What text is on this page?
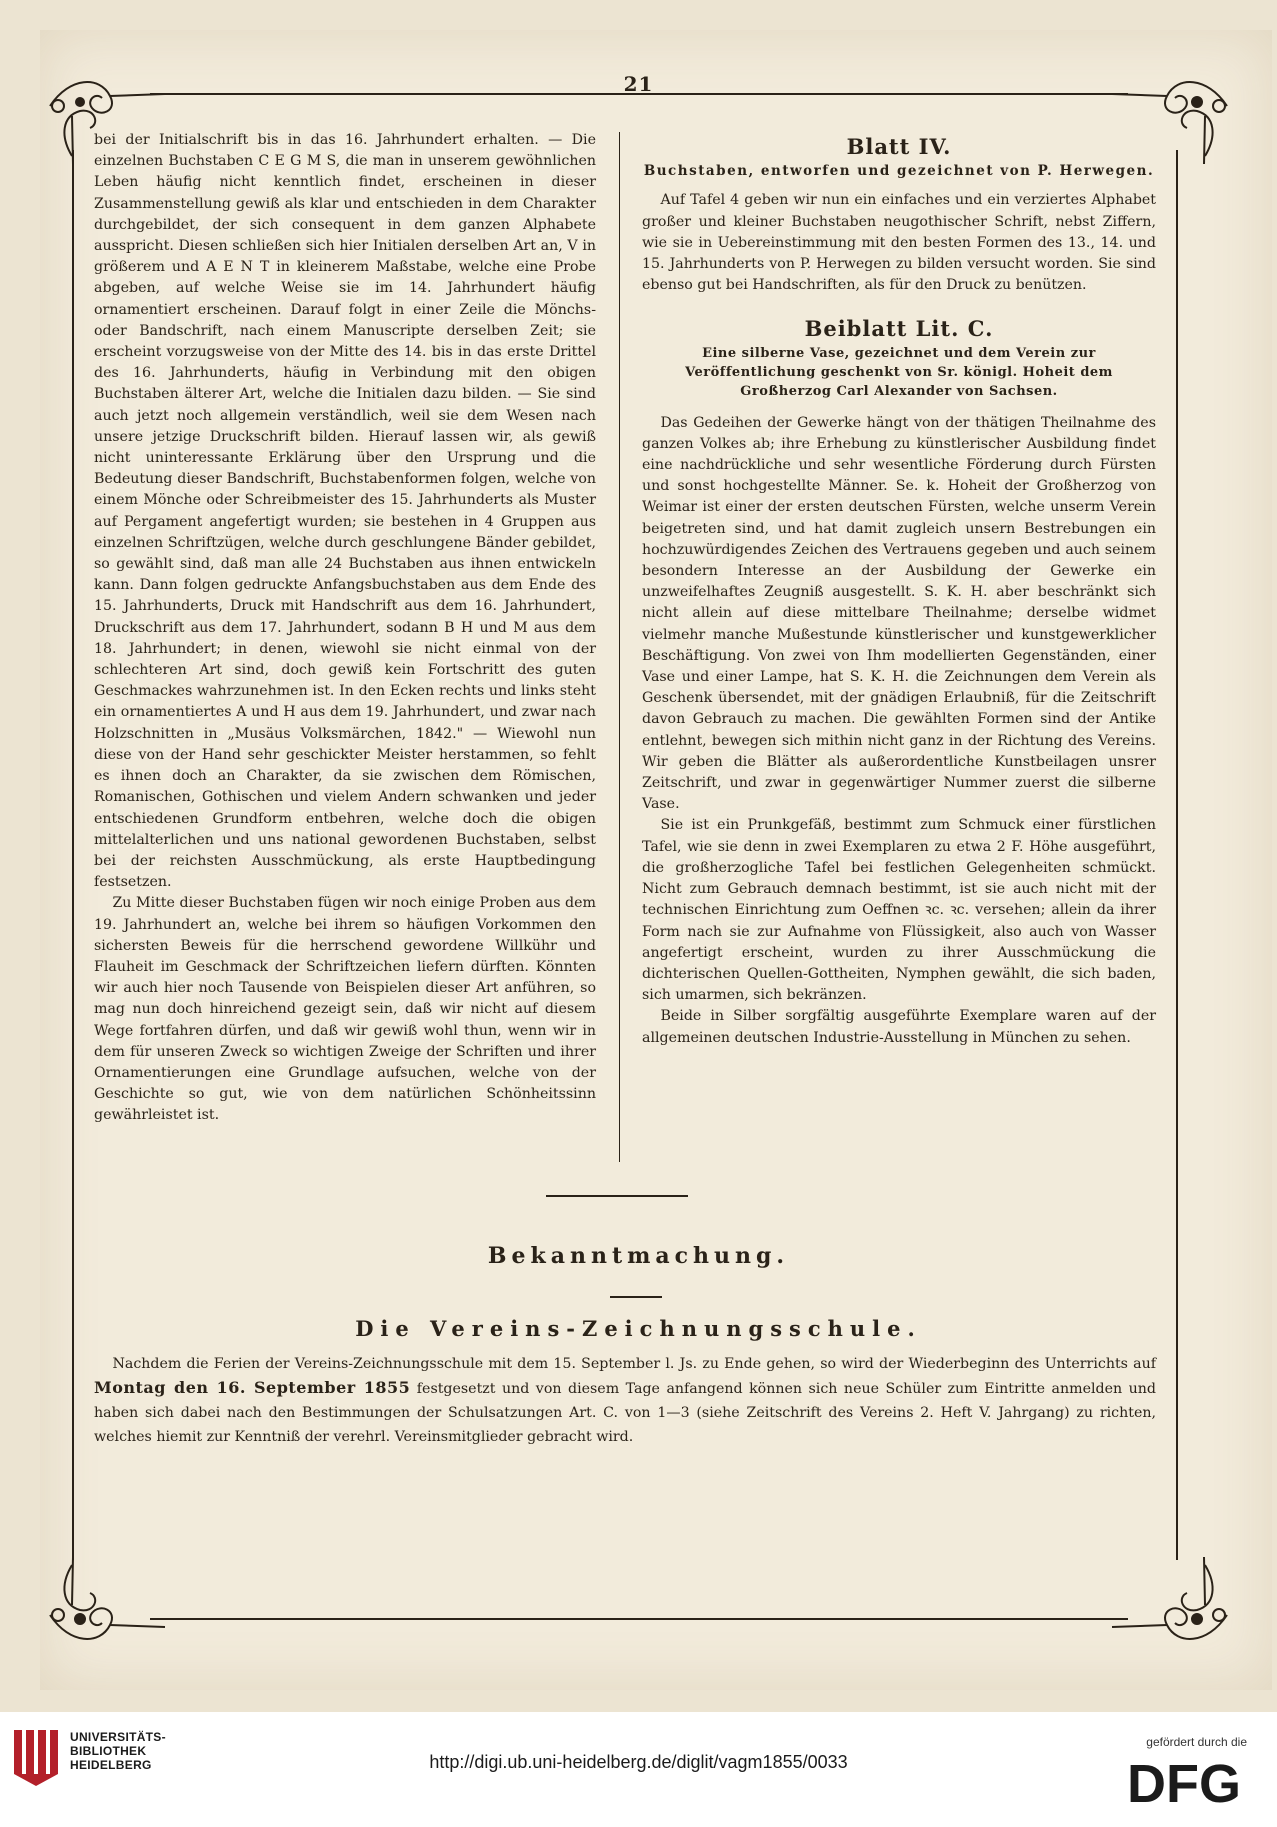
21

bei der Initialschrift bis in das 16. Jahrhundert erhalten. — Die einzelnen Buchstaben C E G M S, die man in unserem gewöhnlichen Leben häufig nicht kenntlich findet, erscheinen in dieser Zusammenstellung gewiß als klar und entschieden in dem Charakter durchgebildet, der sich consequent in dem ganzen Alphabete ausspricht. Diesen schließen sich hier Initialen derselben Art an, V in größerem und A E N T in kleinerem Maßstabe, welche eine Probe abgeben, auf welche Weise sie im 14. Jahrhundert häufig ornamentiert erscheinen. Darauf folgt in einer Zeile die Mönchs- oder Bandschrift, nach einem Manuscripte derselben Zeit; sie erscheint vorzugsweise von der Mitte des 14. bis in das erste Drittel des 16. Jahrhunderts, häufig in Verbindung mit den obigen Buchstaben älterer Art, welche die Initialen dazu bilden. — Sie sind auch jetzt noch allgemein verständlich, weil sie dem Wesen nach unsere jetzige Druckschrift bilden. Hierauf lassen wir, als gewiß nicht uninteressante Erklärung über den Ursprung und die Bedeutung dieser Bandschrift, Buchstabenformen folgen, welche von einem Mönche oder Schreibmeister des 15. Jahrhunderts als Muster auf Pergament angefertigt wurden; sie bestehen in 4 Gruppen aus einzelnen Schriftzügen, welche durch geschlungene Bänder gebildet, so gewählt sind, daß man alle 24 Buchstaben aus ihnen entwickeln kann. Dann folgen gedruckte Anfangsbuchstaben aus dem Ende des 15. Jahrhunderts, Druck mit Handschrift aus dem 16. Jahrhundert, Druckschrift aus dem 17. Jahrhundert, sodann B H und M aus dem 18. Jahrhundert; in denen, wiewohl sie nicht einmal von der schlechteren Art sind, doch gewiß kein Fortschritt des guten Geschmackes wahrzunehmen ist. In den Ecken rechts und links steht ein ornamentiertes A und H aus dem 19. Jahrhundert, und zwar nach Holzschnitten in „Musäus Volksmärchen, 1842." — Wiewohl nun diese von der Hand sehr geschickter Meister herstammen, so fehlt es ihnen doch an Charakter, da sie zwischen dem Römischen, Romanischen, Gothischen und vielem Andern schwanken und jeder entschiedenen Grundform entbehren, welche doch die obigen mittelalterlichen und uns national gewordenen Buchstaben, selbst bei der reichsten Ausschmückung, als erste Hauptbedingung festsetzen.

Zu Mitte dieser Buchstaben fügen wir noch einige Proben aus dem 19. Jahrhundert an, welche bei ihrem so häufigen Vorkommen den sichersten Beweis für die herrschend gewordene Willkühr und Flauheit im Geschmack der Schriftzeichen liefern dürften. Könnten wir auch hier noch Tausende von Beispielen dieser Art anführen, so mag nun doch hinreichend gezeigt sein, daß wir nicht auf diesem Wege fortfahren dürfen, und daß wir gewiß wohl thun, wenn wir in dem für unseren Zweck so wichtigen Zweige der Schriften und ihrer Ornamentierungen eine Grundlage aufsuchen, welche von der Geschichte so gut, wie von dem natürlichen Schönheitssinn gewährleistet ist.

Blatt IV.
Buchstaben, entworfen und gezeichnet von P. Herwegen.

Auf Tafel 4 geben wir nun ein einfaches und ein verziertes Alphabet großer und kleiner Buchstaben neugothischer Schrift, nebst Ziffern, wie sie in Uebereinstimmung mit den besten Formen des 13., 14. und 15. Jahrhunderts von P. Herwegen zu bilden versucht worden. Sie sind ebenso gut bei Handschriften, als für den Druck zu benützen.

Beiblatt Lit. C.
Eine silberne Vase, gezeichnet und dem Verein zur Veröffentlichung geschenkt von Sr. königl. Hoheit dem Großherzog Carl Alexander von Sachsen.

Das Gedeihen der Gewerke hängt von der thätigen Theilnahme des ganzen Volkes ab; ihre Erhebung zu künstlerischer Ausbildung findet eine nachdrückliche und sehr wesentliche Förderung durch Fürsten und sonst hochgestellte Männer. Se. k. Hoheit der Großherzog von Weimar ist einer der ersten deutschen Fürsten, welche unserm Verein beigetreten sind, und hat damit zugleich unsern Bestrebungen ein hochzuwürdigendes Zeichen des Vertrauens gegeben und auch seinem besondern Interesse an der Ausbildung der Gewerke ein unzweifelhaftes Zeugniß ausgestellt. S. K. H. aber beschränkt sich nicht allein auf diese mittelbare Theilnahme; derselbe widmet vielmehr manche Mußestunde künstlerischer und kunstgewerklicher Beschäftigung. Von zwei von Ihm modellierten Gegenständen, einer Vase und einer Lampe, hat S. K. H. die Zeichnungen dem Verein als Geschenk übersendet, mit der gnädigen Erlaubniß, für die Zeitschrift davon Gebrauch zu machen. Die gewählten Formen sind der Antike entlehnt, bewegen sich mithin nicht ganz in der Richtung des Vereins. Wir geben die Blätter als außerordentliche Kunstbeilagen unsrer Zeitschrift, und zwar in gegenwärtiger Nummer zuerst die silberne Vase.

Sie ist ein Prunkgefäß, bestimmt zum Schmuck einer fürstlichen Tafel, wie sie denn in zwei Exemplaren zu etwa 2 F. Höhe ausgeführt, die großherzogliche Tafel bei festlichen Gelegenheiten schmückt. Nicht zum Gebrauch demnach bestimmt, ist sie auch nicht mit der technischen Einrichtung zum Oeffnen ꝛc. ꝛc. versehen; allein da ihrer Form nach sie zur Aufnahme von Flüssigkeit, also auch von Wasser angefertigt erscheint, wurden zu ihrer Ausschmückung die dichterischen Quellen-Gottheiten, Nymphen gewählt, die sich baden, sich umarmen, sich bekränzen.

Beide in Silber sorgfältig ausgeführte Exemplare waren auf der allgemeinen deutschen Industrie-Ausstellung in München zu sehen.

Bekanntmachung.
Die Vereins-Zeichnungsschule.

Nachdem die Ferien der Vereins-Zeichnungsschule mit dem 15. September l. Js. zu Ende gehen, so wird der Wiederbeginn des Unterrichts auf Montag den 16. September 1855 festgesetzt und von diesem Tage anfangend können sich neue Schüler zum Eintritte anmelden und haben sich dabei nach den Bestimmungen der Schulsatzungen Art. C. von 1—3 (siehe Zeitschrift des Vereins 2. Heft V. Jahrgang) zu richten, welches hiemit zur Kenntniß der verehrl. Vereinsmitglieder gebracht wird.

UNIVERSITÄTS-
BIBLIOTHEK
HEIDELBERG	http://digi.ub.uni-heidelberg.de/diglit/vagm1855/0033
gefördert durch die
DFG
